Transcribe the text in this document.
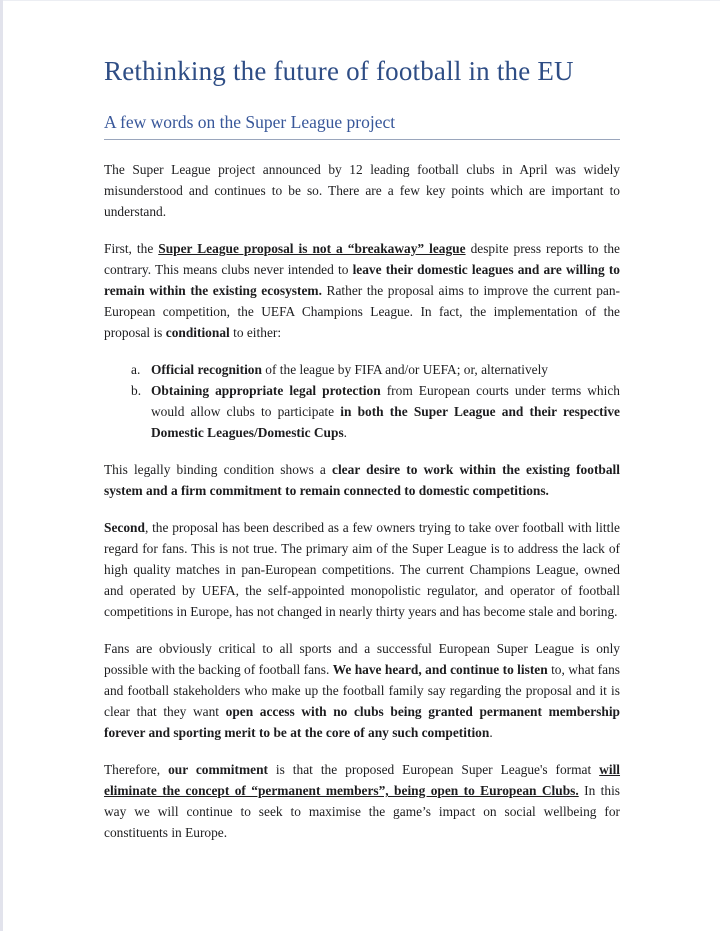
Rethinking the future of football in the EU
A few words on the Super League project

The Super League project announced by 12 leading football clubs in April was widely misunderstood and continues to be so. There are a few key points which are important to understand.

First, the Super League proposal is not a “breakaway” league despite press reports to the contrary. This means clubs never intended to leave their domestic leagues and are willing to remain within the existing ecosystem. Rather the proposal aims to improve the current pan-European competition, the UEFA Champions League. In fact, the implementation of the proposal is conditional to either:

a. Official recognition of the league by FIFA and/or UEFA; or, alternatively
b. Obtaining appropriate legal protection from European courts under terms which would allow clubs to participate in both the Super League and their respective Domestic Leagues/Domestic Cups.

This legally binding condition shows a clear desire to work within the existing football system and a firm commitment to remain connected to domestic competitions.

Second, the proposal has been described as a few owners trying to take over football with little regard for fans. This is not true. The primary aim of the Super League is to address the lack of high quality matches in pan-European competitions. The current Champions League, owned and operated by UEFA, the self-appointed monopolistic regulator, and operator of football competitions in Europe, has not changed in nearly thirty years and has become stale and boring.

Fans are obviously critical to all sports and a successful European Super League is only possible with the backing of football fans. We have heard, and continue to listen to, what fans and football stakeholders who make up the football family say regarding the proposal and it is clear that they want open access with no clubs being granted permanent membership forever and sporting merit to be at the core of any such competition.

Therefore, our commitment is that the proposed European Super League's format will eliminate the concept of “permanent members”, being open to European Clubs. In this way we will continue to seek to maximise the game’s impact on social wellbeing for constituents in Europe.
